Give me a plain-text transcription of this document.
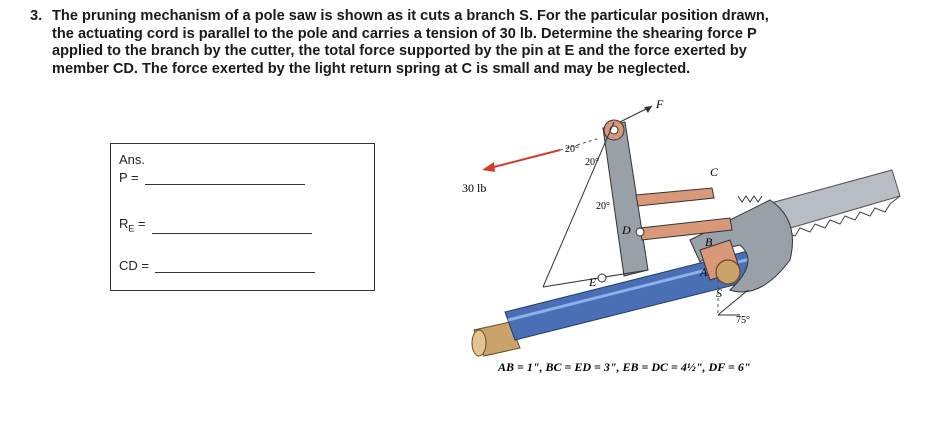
3. The pruning mechanism of a pole saw is shown as it cuts a branch S. For the particular position drawn,

the actuating cord is parallel to the pole and carries a tension of 30 lb. Determine the shearing force P

applied to the branch by the cutter, the total force supported by the pin at E and the force exerted by

member CD. The force exerted by the light return spring at C is small and may be neglected.

Ans.
P =
$R_E$ =
CD =
F
30 lb
20°
20°
20°
75°
C
D
B
A
E
S
AB = 1", BC = ED = 3", EB = DC = 4½", DF = 6"
